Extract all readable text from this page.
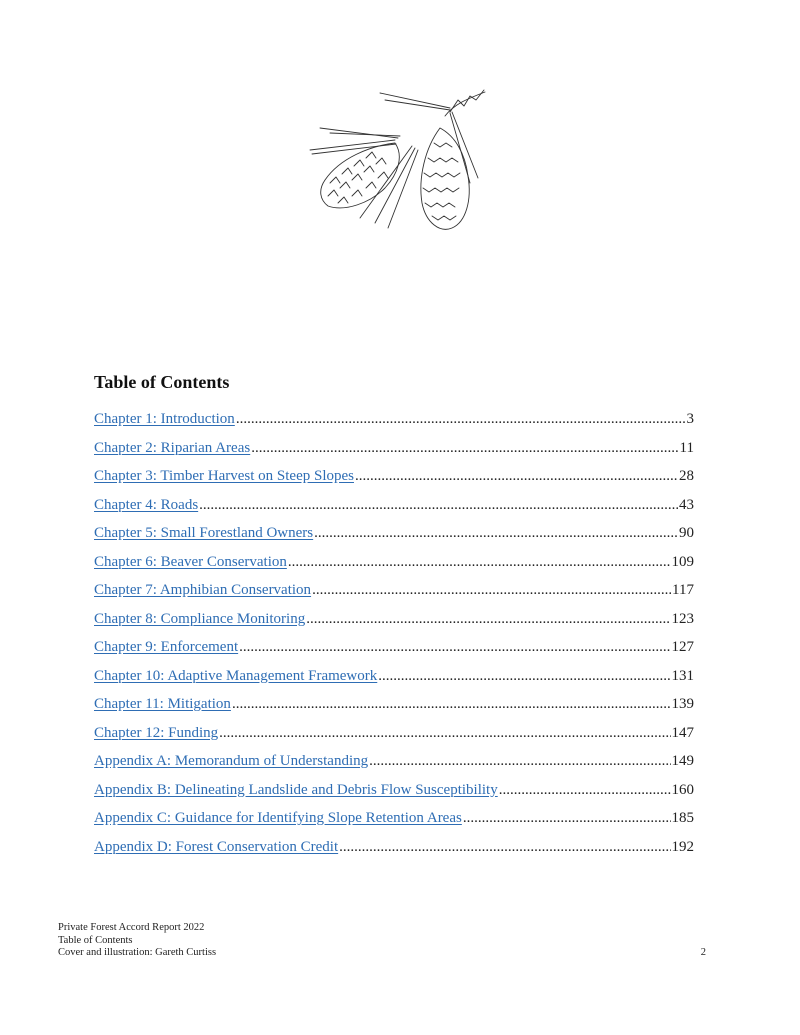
Table of Contents
Chapter 1: Introduction .....	3
Chapter 2: Riparian Areas .....	11
Chapter 3: Timber Harvest on Steep Slopes .....	28
Chapter 4: Roads .....	43
Chapter 5: Small Forestland Owners .....	90
Chapter 6: Beaver Conservation .....	109
Chapter 7: Amphibian Conservation .....	117
Chapter 8: Compliance Monitoring .....	123
Chapter 9: Enforcement .....	127
Chapter 10: Adaptive Management Framework .....	131
Chapter 11: Mitigation .....	139
Chapter 12: Funding .....	147
Appendix A: Memorandum of Understanding .....	149
Appendix B: Delineating Landslide and Debris Flow Susceptibility .....	160
Appendix C: Guidance for Identifying Slope Retention Areas .....	185
Appendix D: Forest Conservation Credit .....	192
Private Forest Accord Report 2022
Table of Contents
Cover and illustration: Gareth Curtiss	2
